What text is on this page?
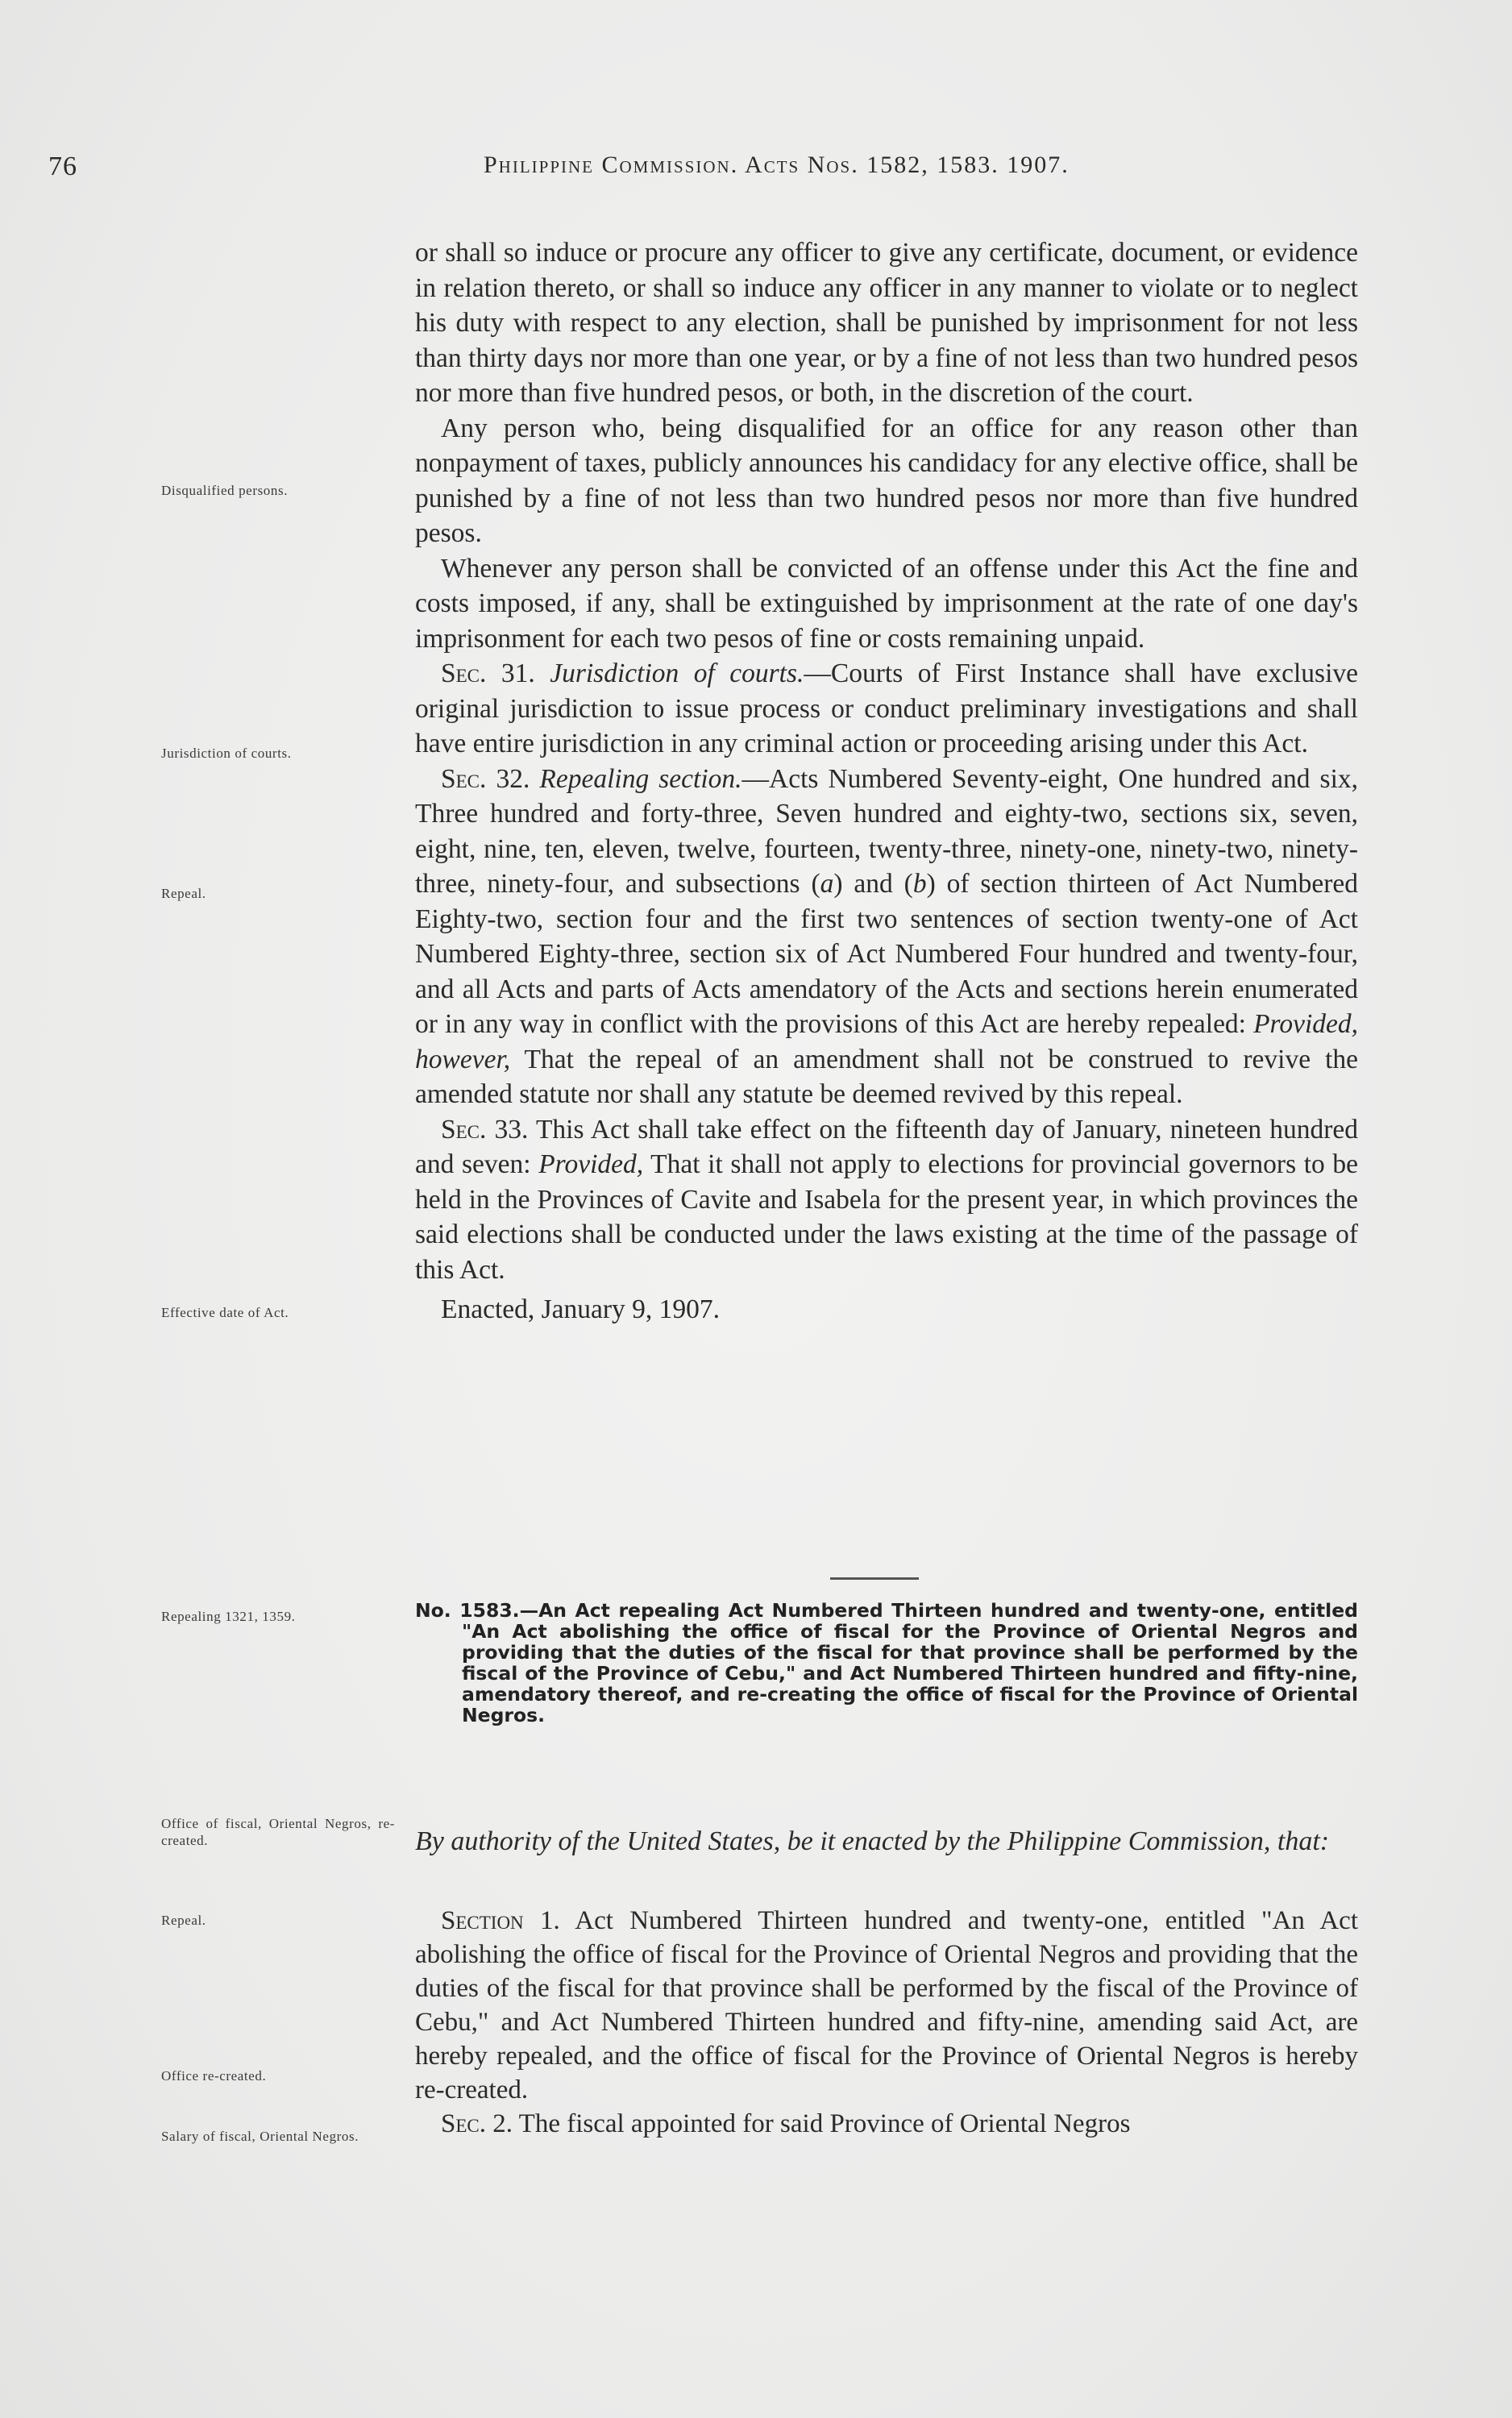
76	Philippine Commission. Acts Nos. 1582, 1583. 1907.

or shall so induce or procure any officer to give any certificate, document, or evidence in relation thereto, or shall so induce any officer in any manner to violate or to neglect his duty with respect to any election, shall be punished by imprisonment for not less than thirty days nor more than one year, or by a fine of not less than two hundred pesos nor more than five hundred pesos, or both, in the discretion of the court.

Any person who, being disqualified for an office for any reason other than nonpayment of taxes, publicly announces his candidacy for any elective office, shall be punished by a fine of not less than two hundred pesos nor more than five hundred pesos.

Whenever any person shall be convicted of an offense under this Act the fine and costs imposed, if any, shall be extinguished by imprisonment at the rate of one day's imprisonment for each two pesos of fine or costs remaining unpaid.

Sec. 31. Jurisdiction of courts.—Courts of First Instance shall have exclusive original jurisdiction to issue process or conduct preliminary investigations and shall have entire jurisdiction in any criminal action or proceeding arising under this Act.

Sec. 32. Repealing section.—Acts Numbered Seventy-eight, One hundred and six, Three hundred and forty-three, Seven hundred and eighty-two, sections six, seven, eight, nine, ten, eleven, twelve, fourteen, twenty-three, ninety-one, ninety-two, ninety-three, ninety-four, and subsections (a) and (b) of section thirteen of Act Numbered Eighty-two, section four and the first two sentences of section twenty-one of Act Numbered Eighty-three, section six of Act Numbered Four hundred and twenty-four, and all Acts and parts of Acts amendatory of the Acts and sections herein enumerated or in any way in conflict with the provisions of this Act are hereby repealed: Provided, however, That the repeal of an amendment shall not be construed to revive the amended statute nor shall any statute be deemed revived by this repeal.

Sec. 33. This Act shall take effect on the fifteenth day of January, nineteen hundred and seven: Provided, That it shall not apply to elections for provincial governors to be held in the Provinces of Cavite and Isabela for the present year, in which provinces the said elections shall be conducted under the laws existing at the time of the passage of this Act.

Enacted, January 9, 1907.

Disqualified persons.
Jurisdiction of courts.
Repeal.
Effective date of Act.
Repealing 1321, 1359.	No. 1583.—An Act repealing Act Numbered Thirteen hundred and twenty-one, entitled "An Act abolishing the office of fiscal for the Province of Oriental Negros and providing that the duties of the fiscal for that province shall be performed by the fiscal of the Province of Cebu," and Act Numbered Thirteen hundred and fifty-nine, amendatory thereof, and re-creating the office of fiscal for the Province of Oriental Negros.
Office of fiscal, Oriental Negros, re-created.	By authority of the United States, be it enacted by the Philippine Commission, that:

Section 1. Act Numbered Thirteen hundred and twenty-one, entitled "An Act abolishing the office of fiscal for the Province of Oriental Negros and providing that the duties of the fiscal for that province shall be performed by the fiscal of the Province of Cebu," and Act Numbered Thirteen hundred and fifty-nine, amending said Act, are hereby repealed, and the office of fiscal for the Province of Oriental Negros is hereby re-created.

Sec. 2. The fiscal appointed for said Province of Oriental Negros

Repeal.
Office re-created.
Salary of fiscal, Oriental Negros.
